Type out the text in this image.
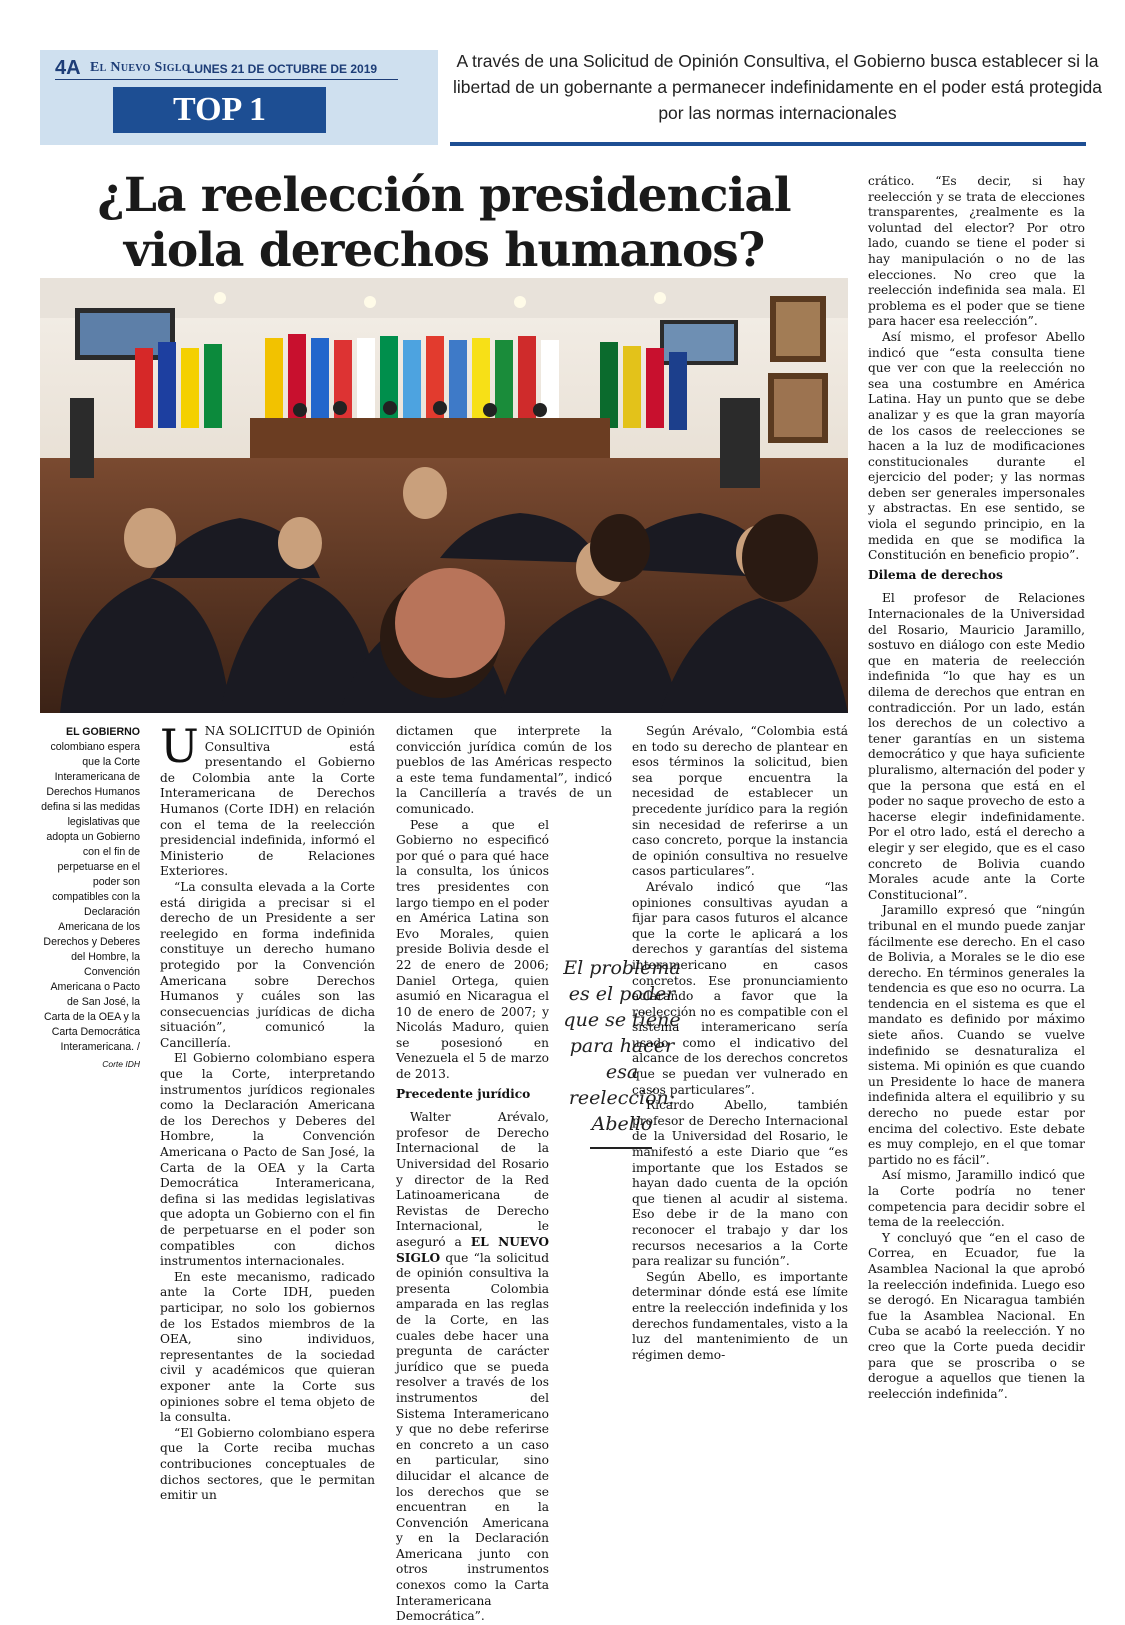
4A El Nuevo Siglo
LUNES 21 DE OCTUBRE DE 2019
TOP 1
A través de una Solicitud de Opinión Consultiva, el Gobierno busca establecer si la libertad de un gobernante a permanecer indefinidamente en el poder está protegida por las normas internacionales
¿La reelección presidencial viola derechos humanos?
EL GOBIERNO colombiano espera que la Corte Interamericana de Derechos Humanos defina si las medidas legislativas que adopta un Gobierno con el fin de perpetuarse en el poder son compatibles con la Declaración Americana de los Derechos y Deberes del Hombre, la Convención Americana o Pacto de San José, la Carta de la OEA y la Carta Democrática Interamericana. /
Corte IDH

UNA SOLICITUD de Opinión Consultiva está presentando el Gobierno de Colombia ante la Corte Interamericana de Derechos Humanos (Corte IDH) en relación con el tema de la reelección presidencial indefinida, informó el Ministerio de Relaciones Exteriores.

“La consulta elevada a la Corte está dirigida a precisar si el derecho de un Presidente a ser reelegido en forma indefinida constituye un derecho humano protegido por la Convención Americana sobre Derechos Humanos y cuáles son las consecuencias jurídicas de dicha situación”, comunicó la Cancillería.

El Gobierno colombiano espera que la Corte, interpretando instrumentos jurídicos regionales como la Declaración Americana de los Derechos y Deberes del Hombre, la Convención Americana o Pacto de San José, la Carta de la OEA y la Carta Democrática Interamericana, defina si las medidas legislativas que adopta un Gobierno con el fin de perpetuarse en el poder son compatibles con dichos instrumentos internacionales.

En este mecanismo, radicado ante la Corte IDH, pueden participar, no solo los gobiernos de los Estados miembros de la OEA, sino individuos, representantes de la sociedad civil y académicos que quieran exponer ante la Corte sus opiniones sobre el tema objeto de la consulta.

“El Gobierno colombiano espera que la Corte reciba muchas contribuciones conceptuales de dichos sectores, que le permitan emitir un

dictamen que interprete la convicción jurídica común de los pueblos de las Américas respecto a este tema fundamental”, indicó la Cancillería a través de un comunicado.

Pese a que el Gobierno no especificó por qué o para qué hace la consulta, los únicos tres presidentes con largo tiempo en el poder en América Latina son Evo Morales, quien preside Bolivia desde el 22 de enero de 2006; Daniel Ortega, quien asumió en Nicaragua el 10 de enero de 2007; y Nicolás Maduro, quien se posesionó en Venezuela el 5 de marzo de 2013.

Precedente jurídico

Walter Arévalo, profesor de Derecho Internacional de la Universidad del Rosario y director de la Red Latinoamericana de Revistas de Derecho Internacional, le aseguró a EL NUEVO SIGLO que “la solicitud de opinión consultiva la presenta Colombia amparada en las reglas de la Corte, en las cuales debe hacer una pregunta de carácter jurídico que se pueda resolver a través de los instrumentos del Sistema Interamericano y que no debe referirse en concreto a un caso en particular, sino dilucidar el alcance de los derechos que se encuentran en la Convención Americana y en la Declaración Americana junto con otros instrumentos conexos como la Carta Interamericana Democrática”.

El problema es el poder que se tiene para hacer esa reelección: Abello

Según Arévalo, “Colombia está en todo su derecho de plantear en esos términos la solicitud, bien sea porque encuentra la necesidad de establecer un precedente jurídico para la región sin necesidad de referirse a un caso concreto, porque la instancia de opinión consultiva no resuelve casos particulares”.

Arévalo indicó que “las opiniones consultivas ayudan a fijar para casos futuros el alcance que la corte le aplicará a los derechos y garantías del sistema interamericano en casos concretos. Ese pronunciamiento aclarando a favor que la reelección no es compatible con el sistema interamericano sería usado como el indicativo del alcance de los derechos concretos que se puedan ver vulnerado en casos particulares”.

Ricardo Abello, también profesor de Derecho Internacional de la Universidad del Rosario, le manifestó a este Diario que “es importante que los Estados se hayan dado cuenta de la opción que tienen al acudir al sistema. Eso debe ir de la mano con reconocer el trabajo y dar los recursos necesarios a la Corte para realizar su función”.

Según Abello, es importante determinar dónde está ese límite entre la reelección indefinida y los derechos fundamentales, visto a la luz del mantenimiento de un régimen demo-

crático. “Es decir, si hay reelección y se trata de elecciones transparentes, ¿realmente es la voluntad del elector? Por otro lado, cuando se tiene el poder si hay manipulación o no de las elecciones. No creo que la reelección indefinida sea mala. El problema es el poder que se tiene para hacer esa reelección”.

Así mismo, el profesor Abello indicó que “esta consulta tiene que ver con que la reelección no sea una costumbre en América Latina. Hay un punto que se debe analizar y es que la gran mayoría de los casos de reelecciones se hacen a la luz de modificaciones constitucionales durante el ejercicio del poder; y las normas deben ser generales impersonales y abstractas. En ese sentido, se viola el segundo principio, en la medida en que se modifica la Constitución en beneficio propio”.

Dilema de derechos

El profesor de Relaciones Internacionales de la Universidad del Rosario, Mauricio Jaramillo, sostuvo en diálogo con este Medio que en materia de reelección indefinida “lo que hay es un dilema de derechos que entran en contradicción. Por un lado, están los derechos de un colectivo a tener garantías en un sistema democrático y que haya suficiente pluralismo, alternación del poder y que la persona que está en el poder no saque provecho de esto a hacerse elegir indefinidamente. Por el otro lado, está el derecho a elegir y ser elegido, que es el caso concreto de Bolivia cuando Morales acude ante la Corte Constitucional”.

Jaramillo expresó que “ningún tribunal en el mundo puede zanjar fácilmente ese derecho. En el caso de Bolivia, a Morales se le dio ese derecho. En términos generales la tendencia es que eso no ocurra. La tendencia en el sistema es que el mandato es definido por máximo siete años. Cuando se vuelve indefinido se desnaturaliza el sistema. Mi opinión es que cuando un Presidente lo hace de manera indefinida altera el equilibrio y su derecho no puede estar por encima del colectivo. Este debate es muy complejo, en el que tomar partido no es fácil”.

Así mismo, Jaramillo indicó que la Corte podría no tener competencia para decidir sobre el tema de la reelección.

Y concluyó que “en el caso de Correa, en Ecuador, fue la Asamblea Nacional la que aprobó la reelección indefinida. Luego eso se derogó. En Nicaragua también fue la Asamblea Nacional. En Cuba se acabó la reelección. Y no creo que la Corte pueda decidir para que se proscriba o se derogue a aquellos que tienen la reelección indefinida”.
